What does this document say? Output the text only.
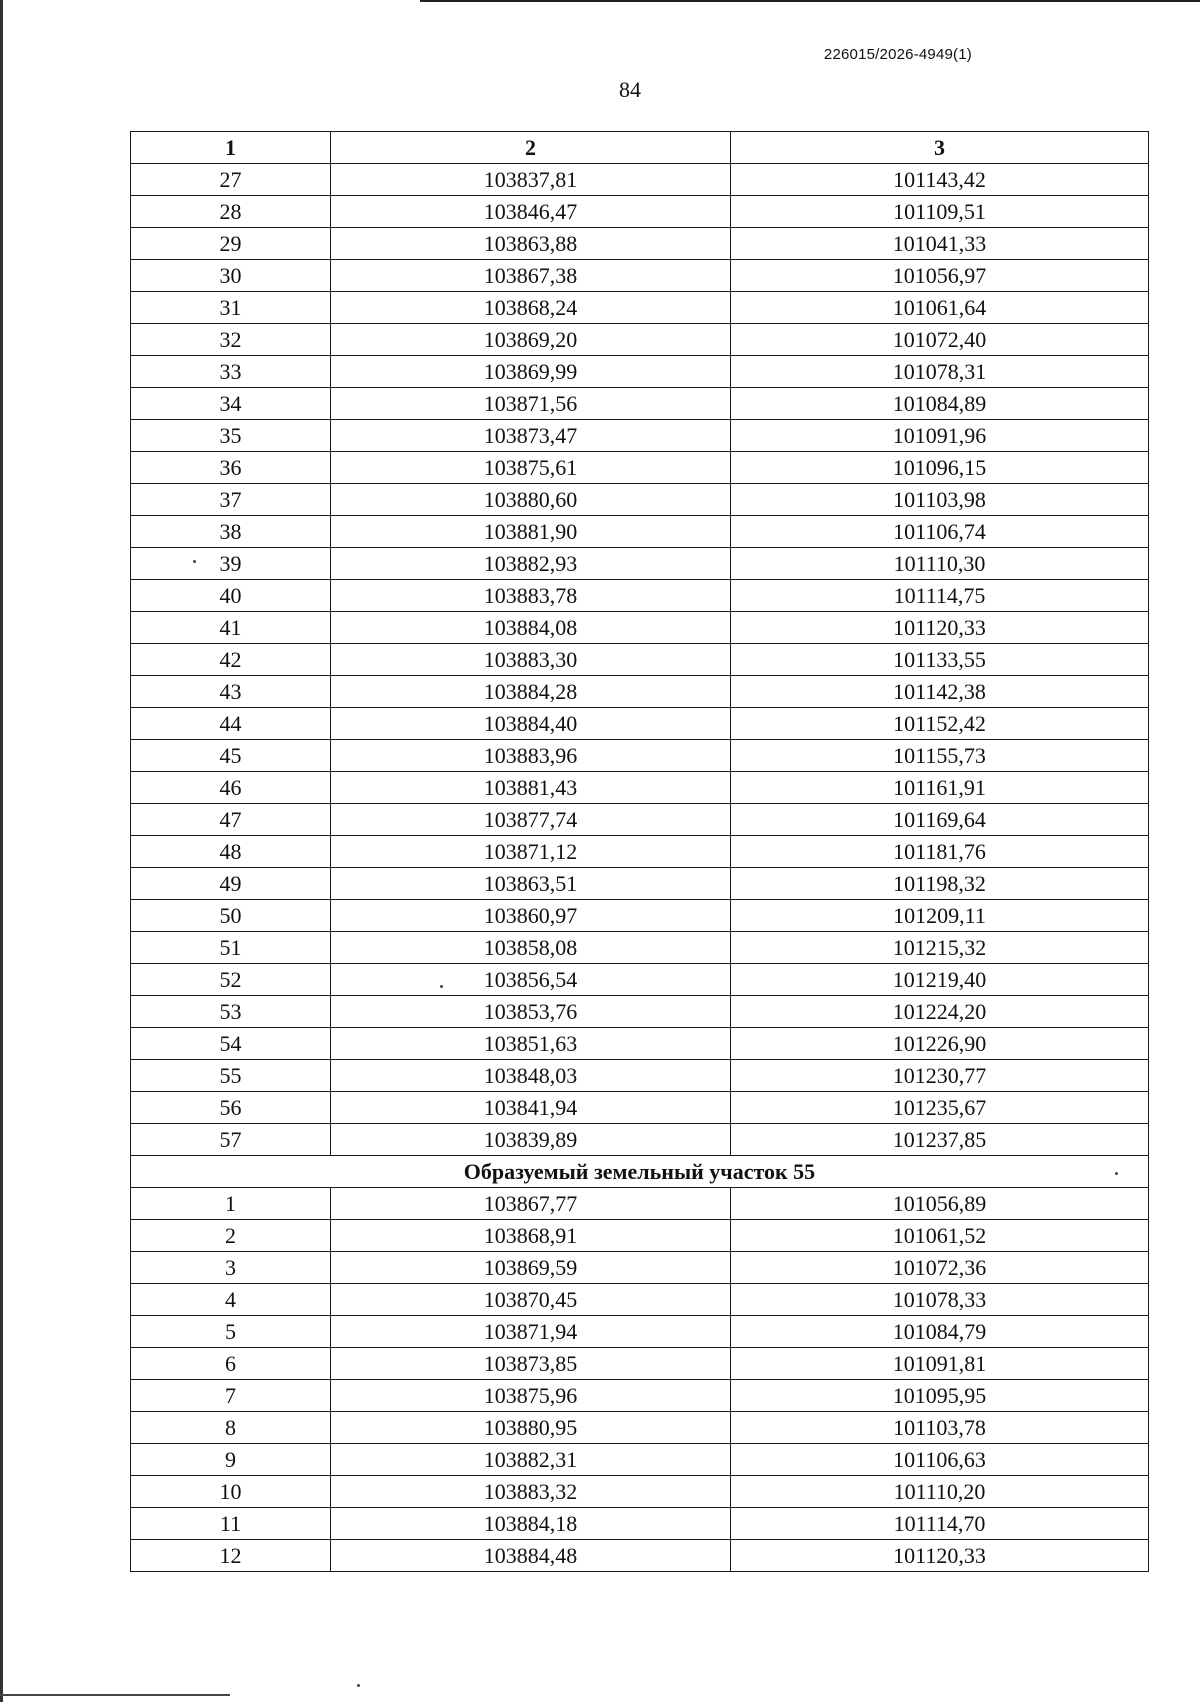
226015/2026-4949(1)
84
1	2	3
27	103837,81	101143,42
28	103846,47	101109,51
29	103863,88	101041,33
30	103867,38	101056,97
31	103868,24	101061,64
32	103869,20	101072,40
33	103869,99	101078,31
34	103871,56	101084,89
35	103873,47	101091,96
36	103875,61	101096,15
37	103880,60	101103,98
38	103881,90	101106,74
39	103882,93	101110,30
40	103883,78	101114,75
41	103884,08	101120,33
42	103883,30	101133,55
43	103884,28	101142,38
44	103884,40	101152,42
45	103883,96	101155,73
46	103881,43	101161,91
47	103877,74	101169,64
48	103871,12	101181,76
49	103863,51	101198,32
50	103860,97	101209,11
51	103858,08	101215,32
52	103856,54	101219,40
53	103853,76	101224,20
54	103851,63	101226,90
55	103848,03	101230,77
56	103841,94	101235,67
57	103839,89	101237,85
Образуемый земельный участок 55		
1	103867,77	101056,89
2	103868,91	101061,52
3	103869,59	101072,36
4	103870,45	101078,33
5	103871,94	101084,79
6	103873,85	101091,81
7	103875,96	101095,95
8	103880,95	101103,78
9	103882,31	101106,63
10	103883,32	101110,20
11	103884,18	101114,70
12	103884,48	101120,33
